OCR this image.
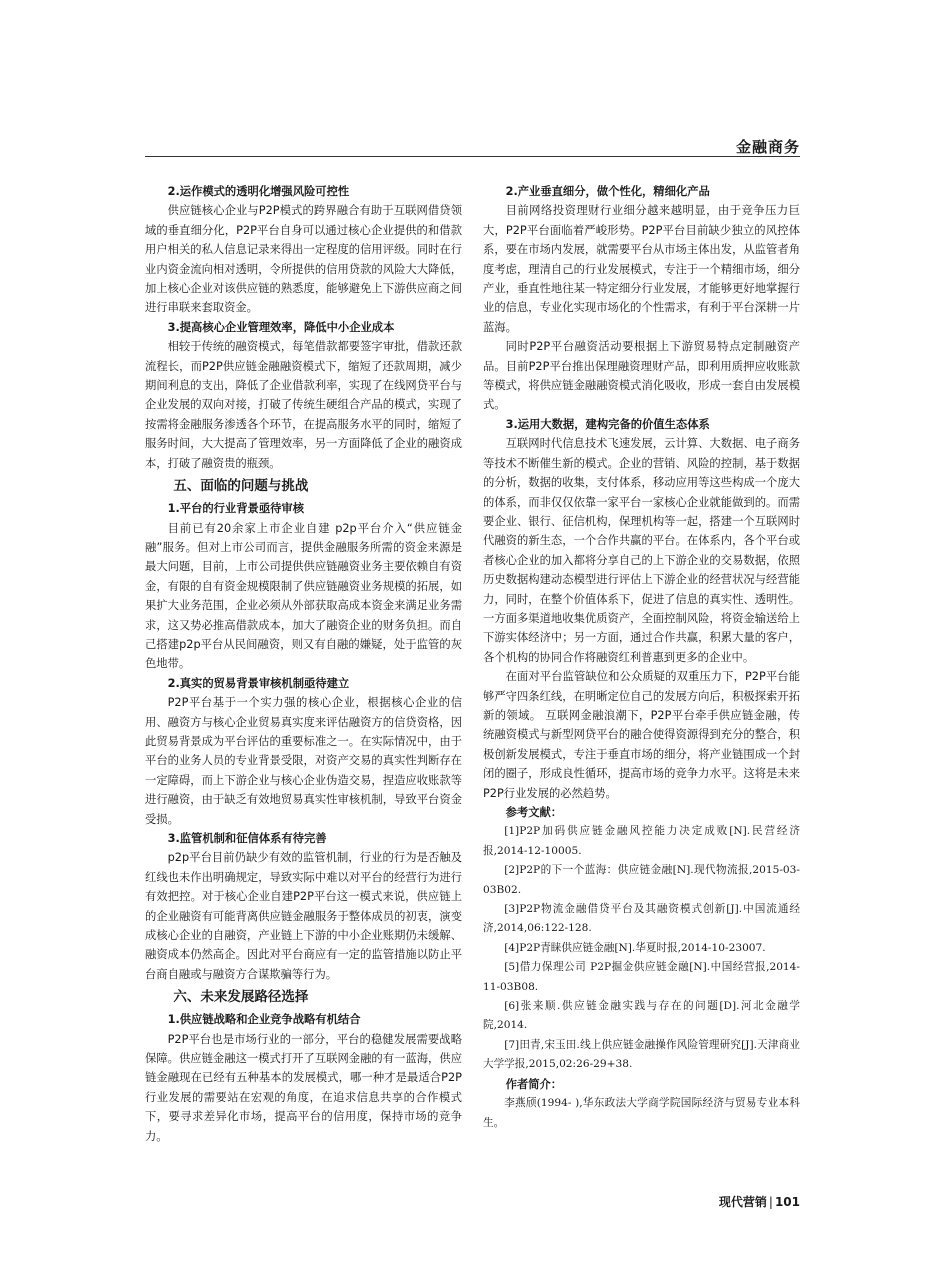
金融商务
2.运作模式的透明化增强风险可控性

供应链核心企业与P2P模式的跨界融合有助于互联网借贷领域的垂直细分化，P2P平台自身可以通过核心企业提供的和借款用户相关的私人信息记录来得出一定程度的信用评级。同时在行业内资金流向相对透明，令所提供的信用贷款的风险大大降低，加上核心企业对该供应链的熟悉度，能够避免上下游供应商之间进行串联来套取资金。

3.提高核心企业管理效率，降低中小企业成本

相较于传统的融资模式，每笔借款都要签字审批，借款还款流程长，而P2P供应链金融融资模式下，缩短了还款周期，减少期间利息的支出，降低了企业借款利率，实现了在线网贷平台与企业发展的双向对接，打破了传统生硬组合产品的模式，实现了按需将金融服务渗透各个环节，在提高服务水平的同时，缩短了服务时间，大大提高了管理效率，另一方面降低了企业的融资成本，打破了融资贵的瓶颈。

五、面临的问题与挑战
1.平台的行业背景亟待审核

目前已有20余家上市企业自建 p2p平台介入“供应链金融”服务。但对上市公司而言，提供金融服务所需的资金来源是最大问题，目前，上市公司提供供应链融资业务主要依赖自有资金，有限的自有资金规模限制了供应链融资业务规模的拓展，如果扩大业务范围，企业必须从外部获取高成本资金来满足业务需求，这又势必推高借款成本，加大了融资企业的财务负担。而自己搭建p2p平台从民间融资，则又有自融的嫌疑，处于监管的灰色地带。

2.真实的贸易背景审核机制亟待建立

P2P平台基于一个实力强的核心企业，根据核心企业的信用、融资方与核心企业贸易真实度来评估融资方的信贷资格，因此贸易背景成为平台评估的重要标准之一。在实际情况中，由于平台的业务人员的专业背景受限，对资产交易的真实性判断存在一定障碍，而上下游企业与核心企业伪造交易，捏造应收账款等进行融资，由于缺乏有效地贸易真实性审核机制，导致平台资金受损。

3.监管机制和征信体系有待完善

p2p平台目前仍缺少有效的监管机制，行业的行为是否触及红线也未作出明确规定，导致实际中难以对平台的经营行为进行有效把控。对于核心企业自建P2P平台这一模式来说，供应链上的企业融资有可能背离供应链金融服务于整体成员的初衷，演变成核心企业的自融资，产业链上下游的中小企业账期仍未缓解、融资成本仍然高企。因此对平台商应有一定的监管措施以防止平台商自融或与融资方合谋欺骗等行为。

六、未来发展路径选择
1.供应链战略和企业竞争战略有机结合

P2P平台也是市场行业的一部分，平台的稳健发展需要战略保障。供应链金融这一模式打开了互联网金融的有一蓝海，供应链金融现在已经有五种基本的发展模式，哪一种才是最适合P2P行业发展的需要站在宏观的角度，在追求信息共享的合作模式下，要寻求差异化市场，提高平台的信用度，保持市场的竞争力。

2.产业垂直细分，做个性化，精细化产品

目前网络投资理财行业细分越来越明显，由于竞争压力巨大，P2P平台面临着严峻形势。P2P平台目前缺少独立的风控体系，要在市场内发展，就需要平台从市场主体出发，从监管者角度考虑，理清自己的行业发展模式，专注于一个精细市场，细分产业，垂直性地往某一特定细分行业发展，才能够更好地掌握行业的信息，专业化实现市场化的个性需求，有利于平台深耕一片蓝海。

同时P2P平台融资活动要根据上下游贸易特点定制融资产品。目前P2P平台推出保理融资理财产品，即利用质押应收账款等模式，将供应链金融融资模式消化吸收，形成一套自由发展模式。

3.运用大数据，建构完备的价值生态体系

互联网时代信息技术飞速发展，云计算、大数据、电子商务等技术不断催生新的模式。企业的营销、风险的控制，基于数据的分析，数据的收集，支付体系，移动应用等这些构成一个庞大的体系，而非仅仅依靠一家平台一家核心企业就能做到的。而需要企业、银行、征信机构，保理机构等一起，搭建一个互联网时代融资的新生态，一个合作共赢的平台。在体系内，各个平台或者核心企业的加入都将分享自己的上下游企业的交易数据，依照历史数据构建动态模型进行评估上下游企业的经营状况与经营能力，同时，在整个价值体系下，促进了信息的真实性、透明性。一方面多渠道地收集优质资产，全面控制风险，将资金输送给上下游实体经济中；另一方面，通过合作共赢，积累大量的客户，各个机构的协同合作将融资红利普惠到更多的企业中。

在面对平台监管缺位和公众质疑的双重压力下，P2P平台能够严守四条红线，在明晰定位自己的发展方向后，积极探索开拓新的领域。 互联网金融浪潮下，P2P平台牵手供应链金融，传统融资模式与新型网贷平台的融合使得资源得到充分的整合，积极创新发展模式，专注于垂直市场的细分，将产业链围成一个封闭的圈子，形成良性循环，提高市场的竞争力水平。这将是未来P2P行业发展的必然趋势。

参考文献：

[1]P2P加码供应链金融风控能力决定成败[N].民营经济报,2014-12-10005.

[2]P2P的下一个蓝海：供应链金融[N].现代物流报,2015-03-03B02.

[3]P2P物流金融借贷平台及其融资模式创新[J].中国流通经济,2014,06:122-128.

[4]P2P青睐供应链金融[N].华夏时报,2014-10-23007.

[5]借力保理公司 P2P掘金供应链金融[N].中国经营报,2014-11-03B08.

[6]张来顺.供应链金融实践与存在的问题[D].河北金融学院,2014.

[7]田青,宋玉田.线上供应链金融操作风险管理研究[J].天津商业大学学报,2015,02:26-29+38.

作者简介：

李燕颀(1994- ),华东政法大学商学院国际经济与贸易专业本科生。

现代营销 | 101
